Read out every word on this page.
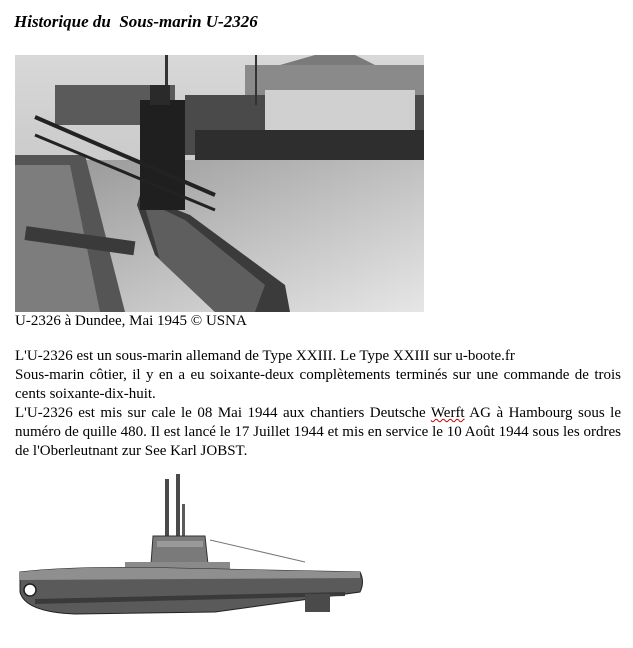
Historique du  Sous-marin U-2326
U-2326 à Dundee, Mai 1945 © USNA

L'U-2326 est un sous-marin allemand de Type XXIII. Le Type XXIII sur u-boote.fr

Sous-marin côtier, il y en a eu soixante-deux complètements terminés sur une commande de trois cents soixante-dix-huit.

L'U-2326 est mis sur cale le 08 Mai 1944 aux chantiers Deutsche Werft AG à Hambourg sous le numéro de quille 480. Il est lancé le 17 Juillet 1944 et mis en service le 10 Août 1944 sous les ordres de l'Oberleutnant zur See Karl JOBST.
